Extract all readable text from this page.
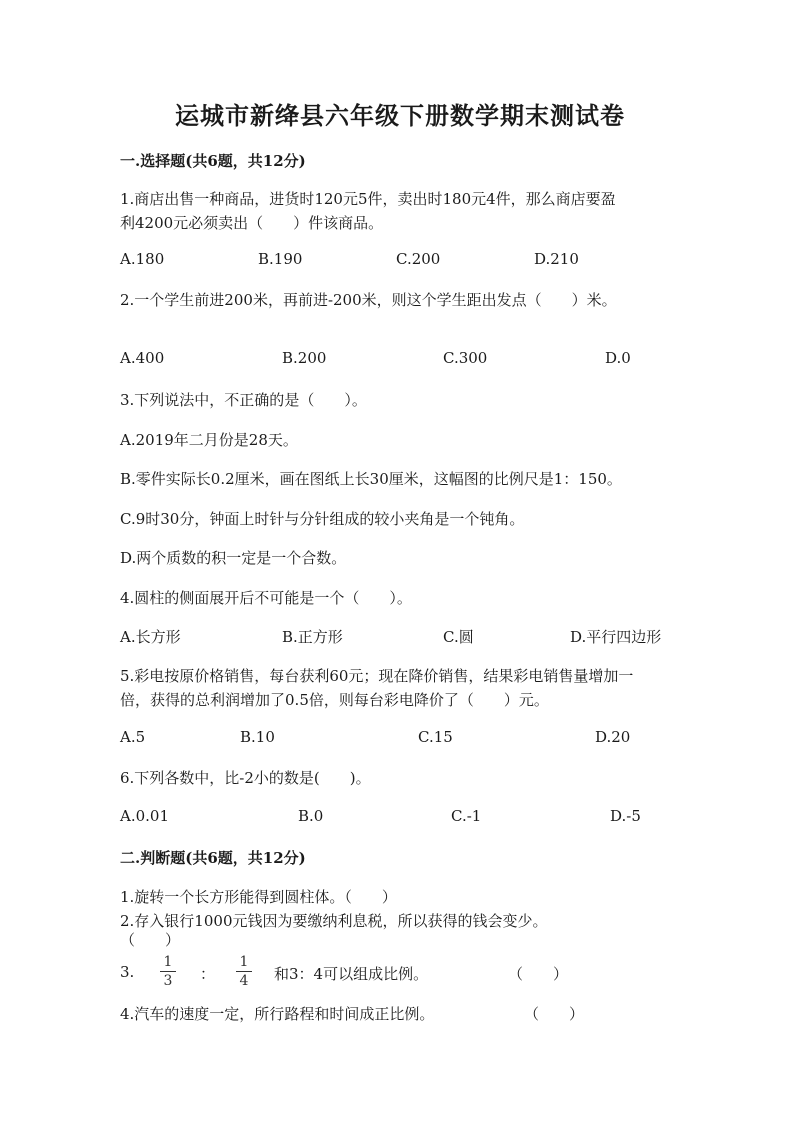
运城市新绛县六年级下册数学期末测试卷
一.选择题(共6题，共12分)
1.商店出售一种商品，进货时120元5件，卖出时180元4件，那么商店要盈
利4200元必须卖出（　　）件该商品。
A.180	B.190	C.200	D.210
2.一个学生前进200米，再前进-200米，则这个学生距出发点（　　）米。
A.400	B.200	C.300	D.0
3.下列说法中，不正确的是（　　）。
A.2019年二月份是28天。
B.零件实际长0.2厘米，画在图纸上长30厘米，这幅图的比例尺是1：150。
C.9时30分，钟面上时针与分针组成的较小夹角是一个钝角。
D.两个质数的积一定是一个合数。
4.圆柱的侧面展开后不可能是一个（　　）。
A.长方形	B.正方形	C.圆	D.平行四边形
5.彩电按原价格销售，每台获利60元；现在降价销售，结果彩电销售量增加一
倍，获得的总利润增加了0.5倍，则每台彩电降价了（　　）元。
A.5	B.10	C.15	D.20
6.下列各数中，比-2小的数是(　　)。
A.0.01	B.0	C.-1	D.-5
二.判断题(共6题，共12分)
1.旋转一个长方形能得到圆柱体。（　　）
2.存入银行1000元钱因为要缴纳利息税，所以获得的钱会变少。
（　　）
3.
1
3 ：
1
4 和3：4可以组成比例。	（　　）
4.汽车的速度一定，所行路程和时间成正比例。	（　　）
